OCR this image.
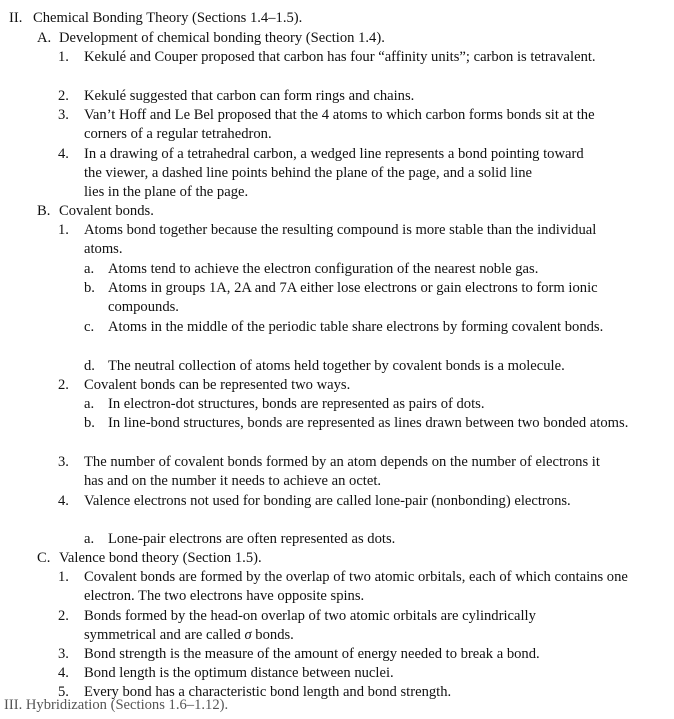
II. Chemical Bonding Theory (Sections 1.4–1.5).
A. Development of chemical bonding theory (Section 1.4).
1.	Kekulé and Couper proposed that carbon has four “affinity units”; carbon is tetravalent.
2.	Kekulé suggested that carbon can form rings and chains.
3.	Van’t Hoff and Le Bel proposed that the 4 atoms to which carbon forms bonds sit at the corners of a regular tetrahedron.
4.	In a drawing of a tetrahedral carbon, a wedged line represents a bond pointing toward
the viewer, a dashed line points behind the plane of the page, and a solid line
lies in the plane of the page.
B. Covalent bonds.
1.	Atoms bond together because the resulting compound is more stable than the individual atoms.
a. Atoms tend to achieve the electron configuration of the nearest noble gas.
b. Atoms in groups 1A, 2A and 7A either lose electrons or gain electrons to form ionic compounds.
c. Atoms in the middle of the periodic table share electrons by forming covalent bonds.
d. The neutral collection of atoms held together by covalent bonds is a molecule.
2.	Covalent bonds can be represented two ways.
a. In electron-dot structures, bonds are represented as pairs of dots.
b. In line-bond structures, bonds are represented as lines drawn between two bonded atoms.
3.	The number of covalent bonds formed by an atom depends on the number of electrons it has and on the number it needs to achieve an octet.
4.	Valence electrons not used for bonding are called lone-pair (nonbonding) electrons.
a. Lone-pair electrons are often represented as dots.
C. Valence bond theory (Section 1.5).
1.	Covalent bonds are formed by the overlap of two atomic orbitals, each of which contains one electron. The two electrons have opposite spins.
2.	Bonds formed by the head-on overlap of two atomic orbitals are cylindrically symmetrical and are called σ bonds.
3.	Bond strength is the measure of the amount of energy needed to break a bond.
4.	Bond length is the optimum distance between nuclei.
5.	Every bond has a characteristic bond length and bond strength.
III. Hybridization (Sections 1.6–1.12).
